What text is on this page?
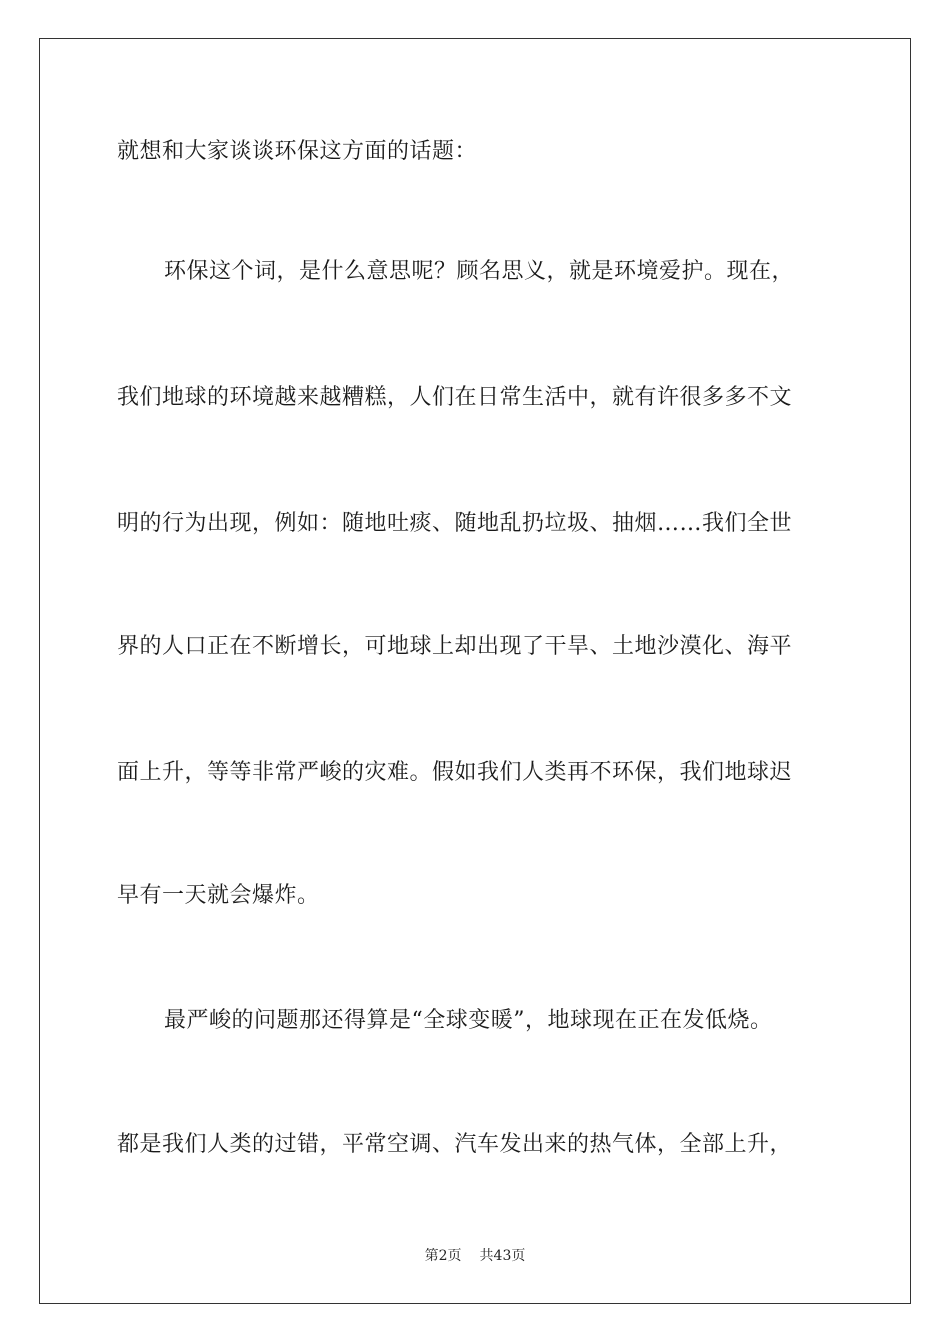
就想和大家谈谈环保这方面的话题：
环保这个词，是什么意思呢？顾名思义，就是环境爱护。现在，
我们地球的环境越来越糟糕，人们在日常生活中，就有许很多多不文
明的行为出现，例如：随地吐痰、随地乱扔垃圾、抽烟……我们全世
界的人口正在不断增长，可地球上却出现了干旱、土地沙漠化、海平
面上升，等等非常严峻的灾难。假如我们人类再不环保，我们地球迟
早有一天就会爆炸。
最严峻的问题那还得算是“全球变暖”，地球现在正在发低烧。
都是我们人类的过错，平常空调、汽车发出来的热气体，全部上升，
第2页 共43页
